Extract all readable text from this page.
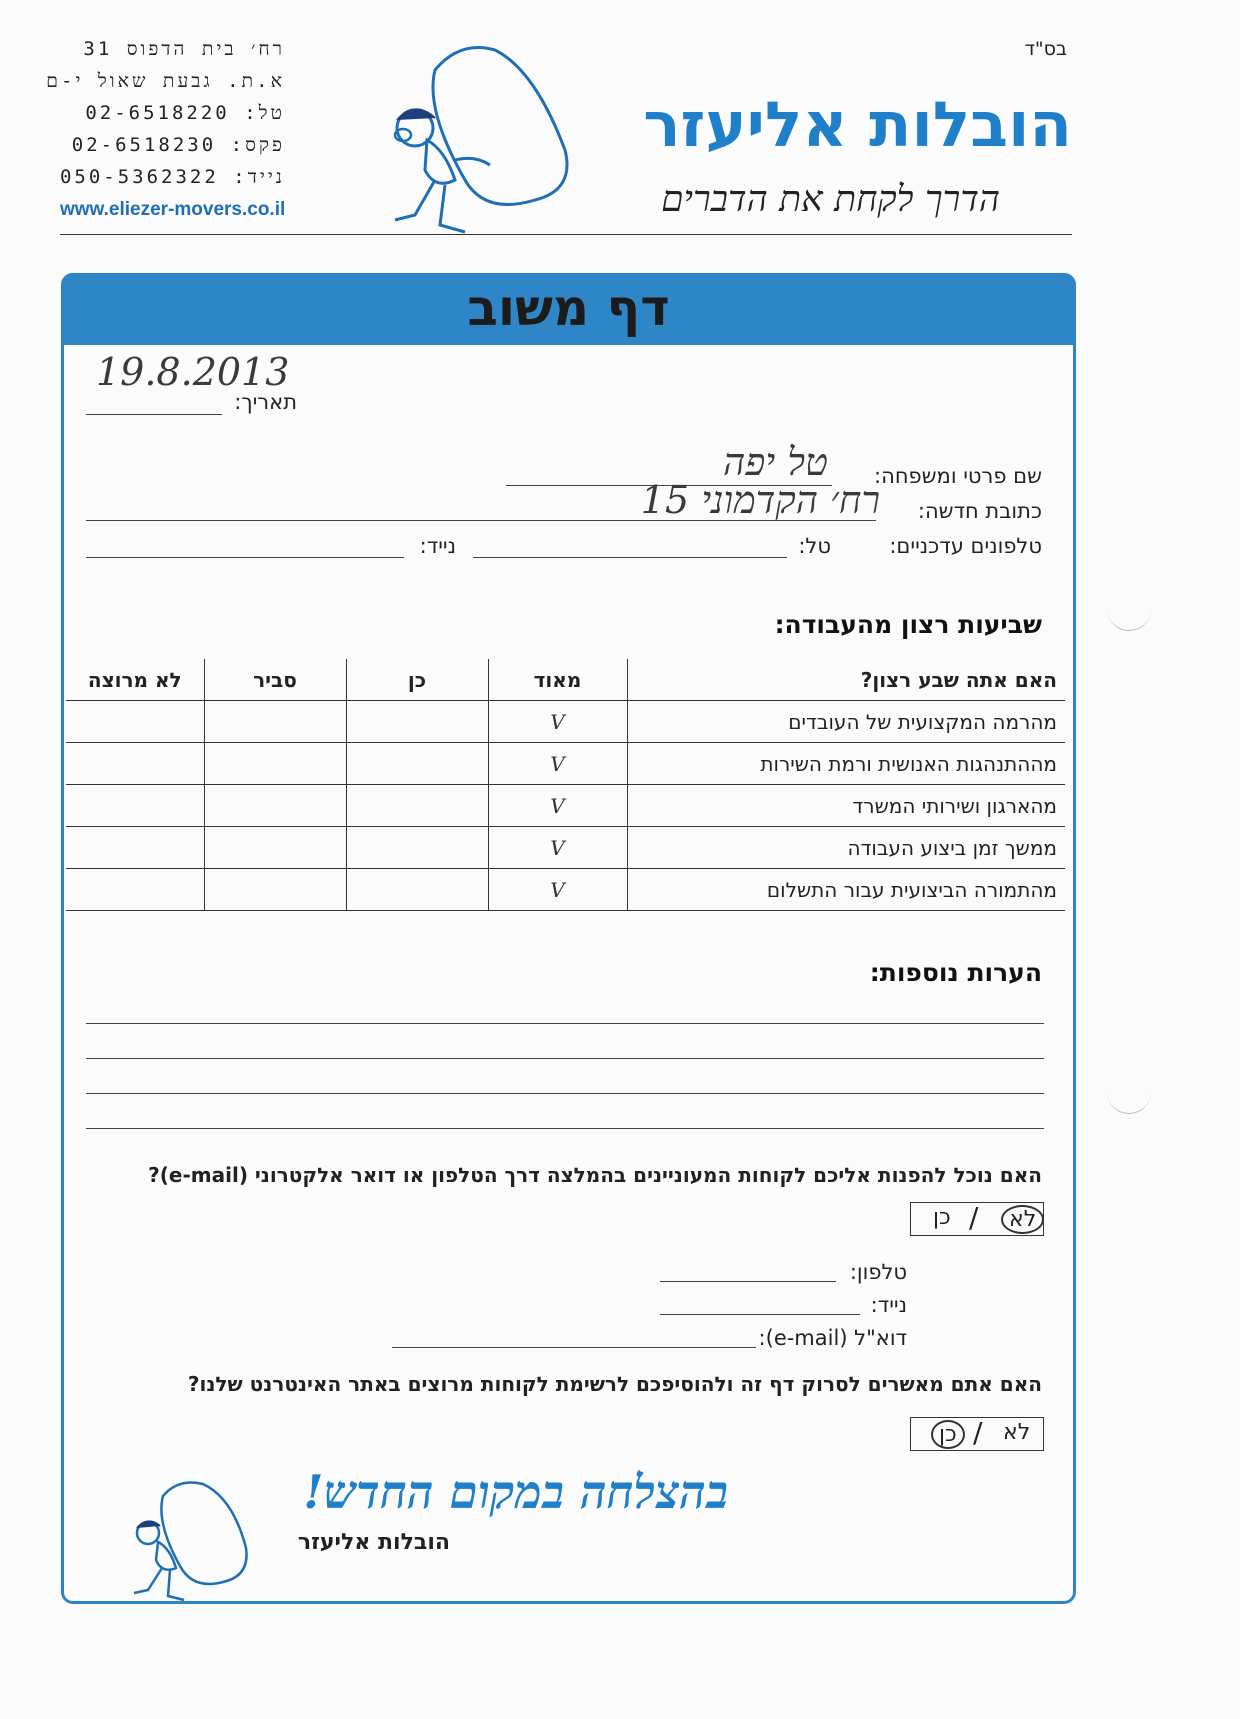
בס"ד
רח׳ בית הדפוס 31
א.ת. גבעת שאול י-ם
טל: 02-6518220
פקס: 02-6518230
נייד: 050-5362322
www.eliezer-movers.co.il
הובלות אליעזר
הדרך לקחת את הדברים
דף משוב
תאריך:
19.8.2013
שם פרטי ומשפחה:
טל יפה
כתובת חדשה:
רח׳ הקדמוני 15
טלפונים עדכניים:
טל:
נייד:
שביעות רצון מהעבודה:
לא מרוצה	סביר	כן	מאוד	האם אתה שבע רצון?
			V	מהרמה המקצועית של העובדים
			V	מההתנהגות האנושית ורמת השירות
			V	מהארגון ושירותי המשרד
			V	ממשך זמן ביצוע העבודה
			V	מהתמורה הביצועית עבור התשלום
הערות נוספות:
האם נוכל להפנות אליכם לקוחות המעוניינים בהמלצה דרך הטלפון או דואר אלקטרוני (e-mail)?
כן /	לא
טלפון:
נייד:
דוא"ל (e-mail):
האם אתם מאשרים לסרוק דף זה ולהוסיפכם לרשימת לקוחות מרוצים באתר האינטרנט שלנו?
כן / לא
בהצלחה במקום החדש!
הובלות אליעזר
